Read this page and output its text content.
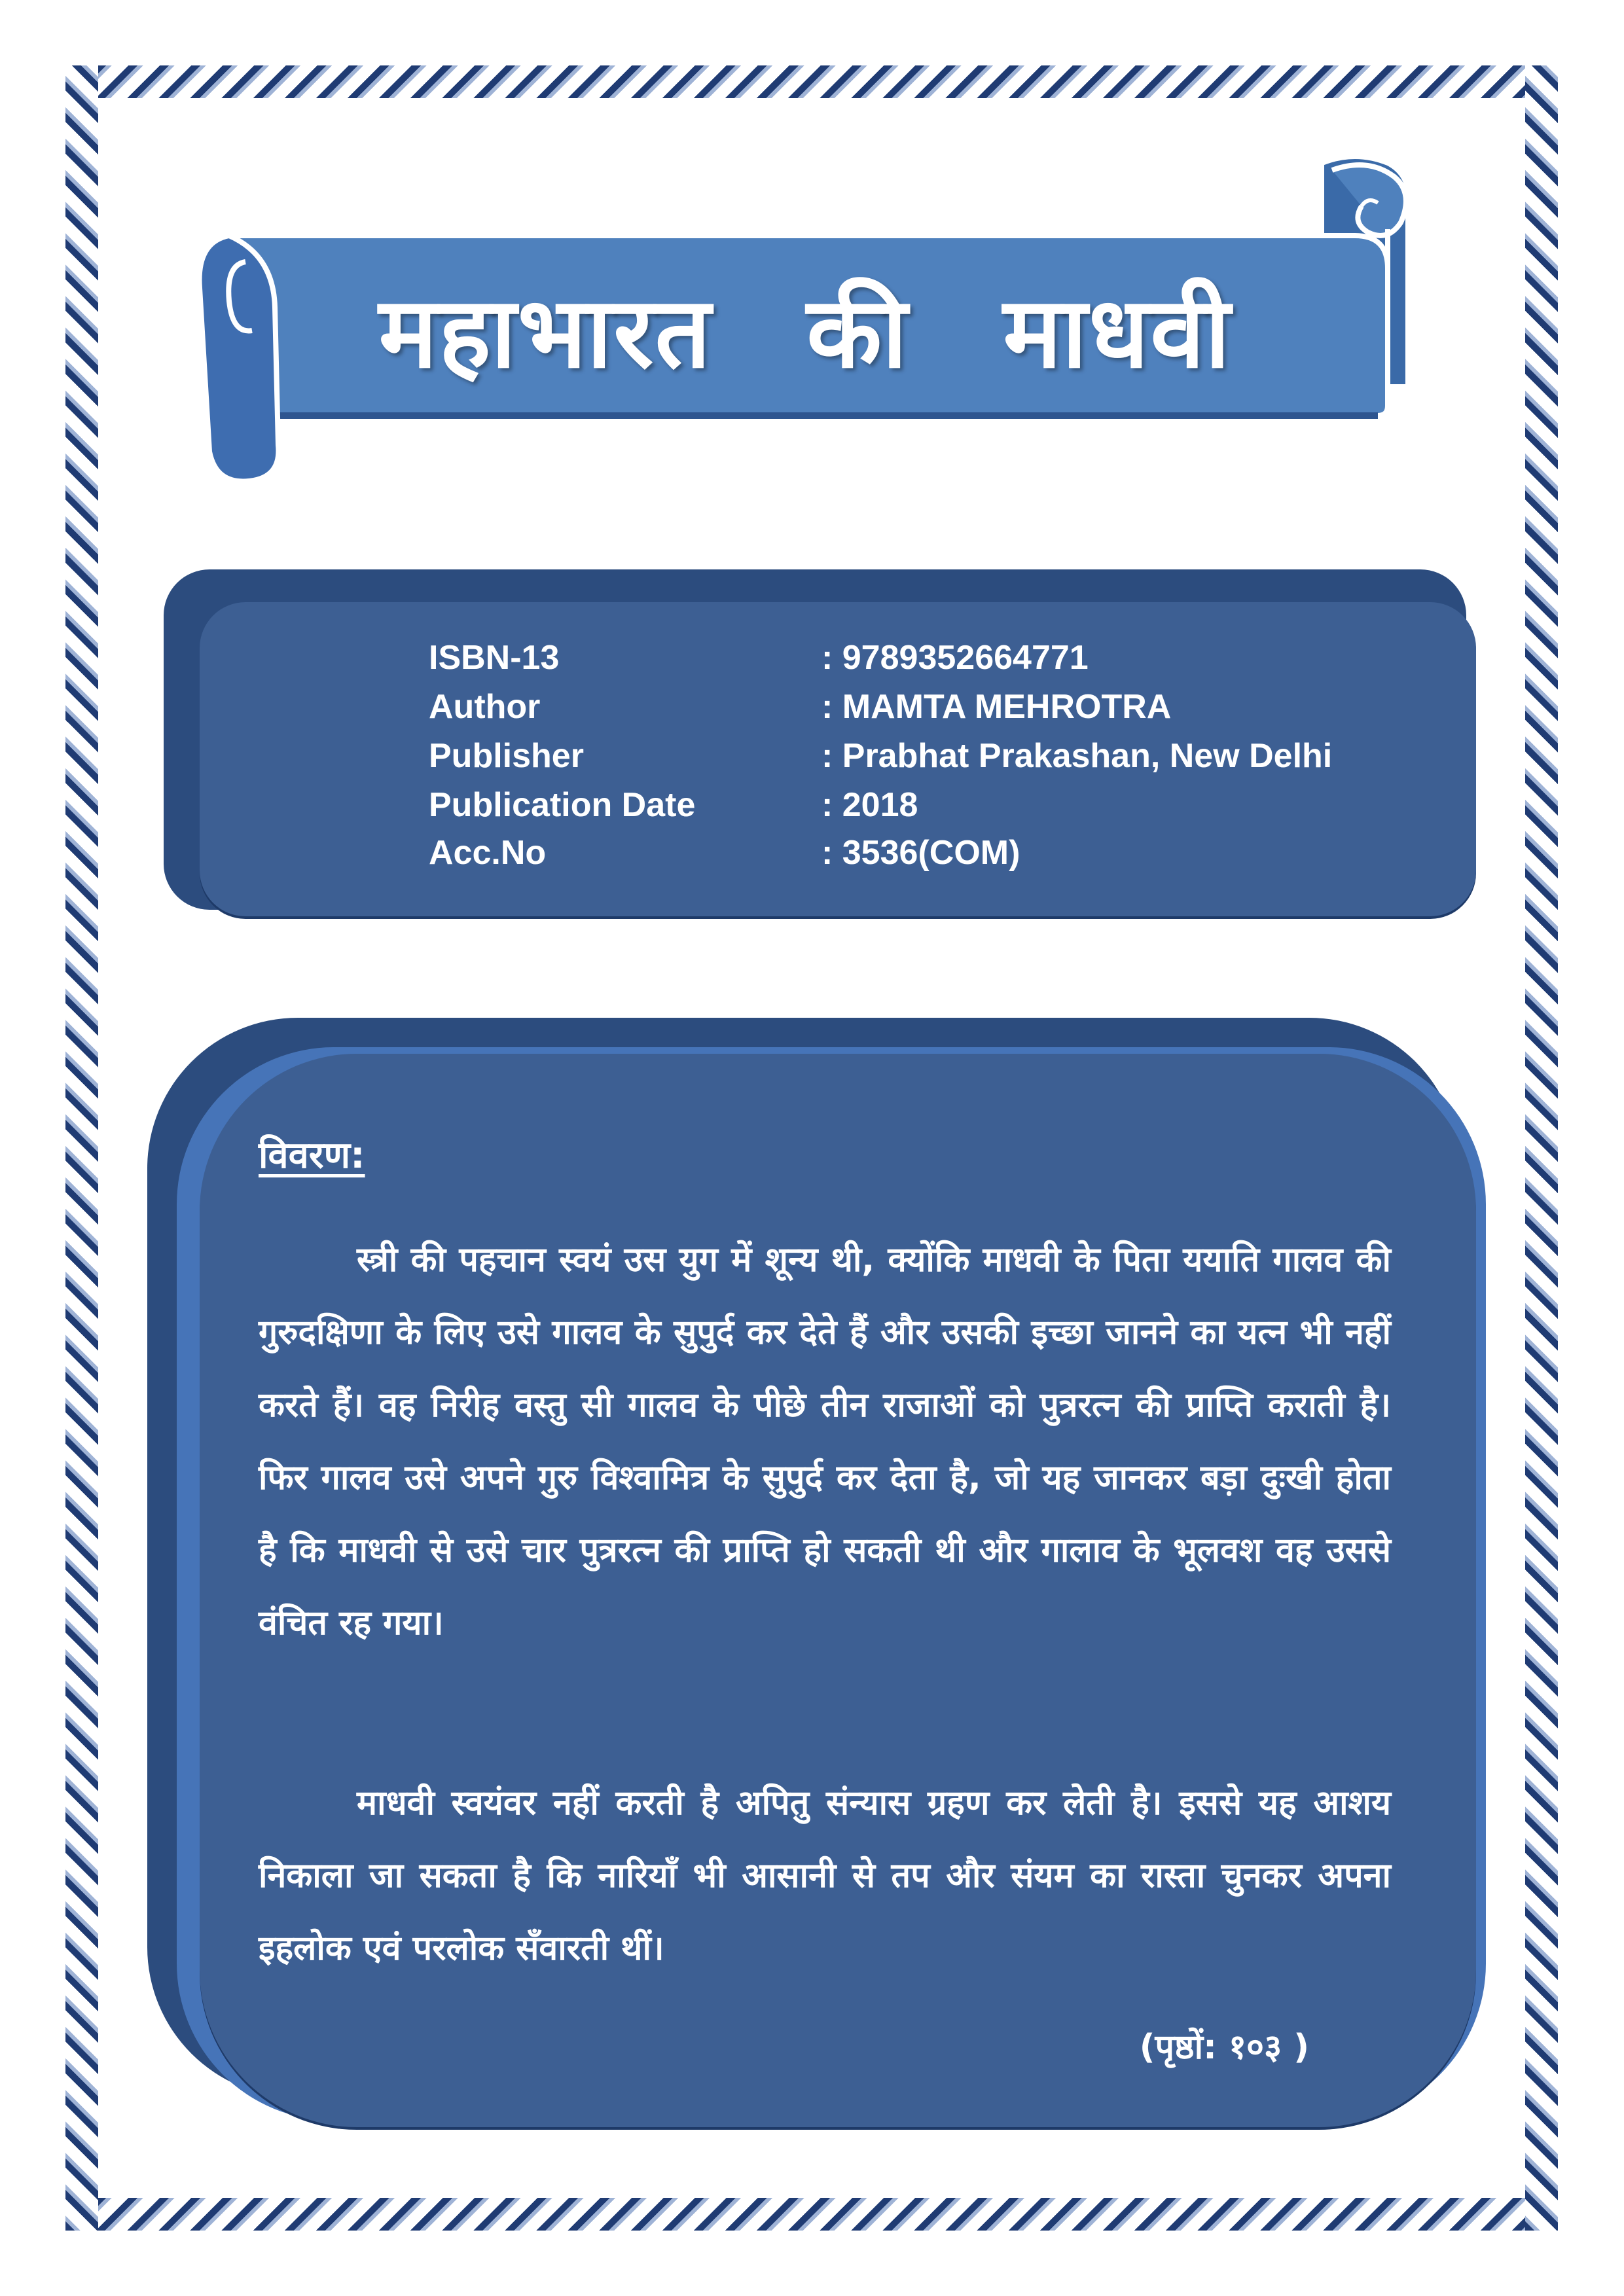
महाभारत की माधवी
ISBN-13	: 9789352664771
Author	: MAMTA MEHROTRA
Publisher	: Prabhat Prakashan, New Delhi
Publication Date	: 2018
Acc.No	: 3536(COM)
विवरण:

स्त्री की पहचान स्वयं उस युग में शून्य थी, क्योंकि माधवी के पिता ययाति गालव की गुरुदक्षिणा के लिए उसे गालव के सुपुर्द कर देते हैं और उसकी इच्छा जानने का यत्न भी नहीं करते हैं। वह निरीह वस्तु सी गालव के पीछे तीन राजाओं को पुत्ररत्न की प्राप्ति कराती है। फिर गालव उसे अपने गुरु विश्वामित्र के सुपुर्द कर देता है, जो यह जानकर बड़ा दुःखी होता है कि माधवी से उसे चार पुत्ररत्न की प्राप्ति हो सकती थी और गालाव के भूलवश वह उससे वंचित रह गया।

माधवी स्वयंवर नहीं करती है अपितु संन्यास ग्रहण कर लेती है। इससे यह आशय निकाला जा सकता है कि नारियाँ भी आसानी से तप और संयम का रास्ता चुनकर अपना इहलोक एवं परलोक सँवारती थीं।

(पृष्ठों: १०३ )
